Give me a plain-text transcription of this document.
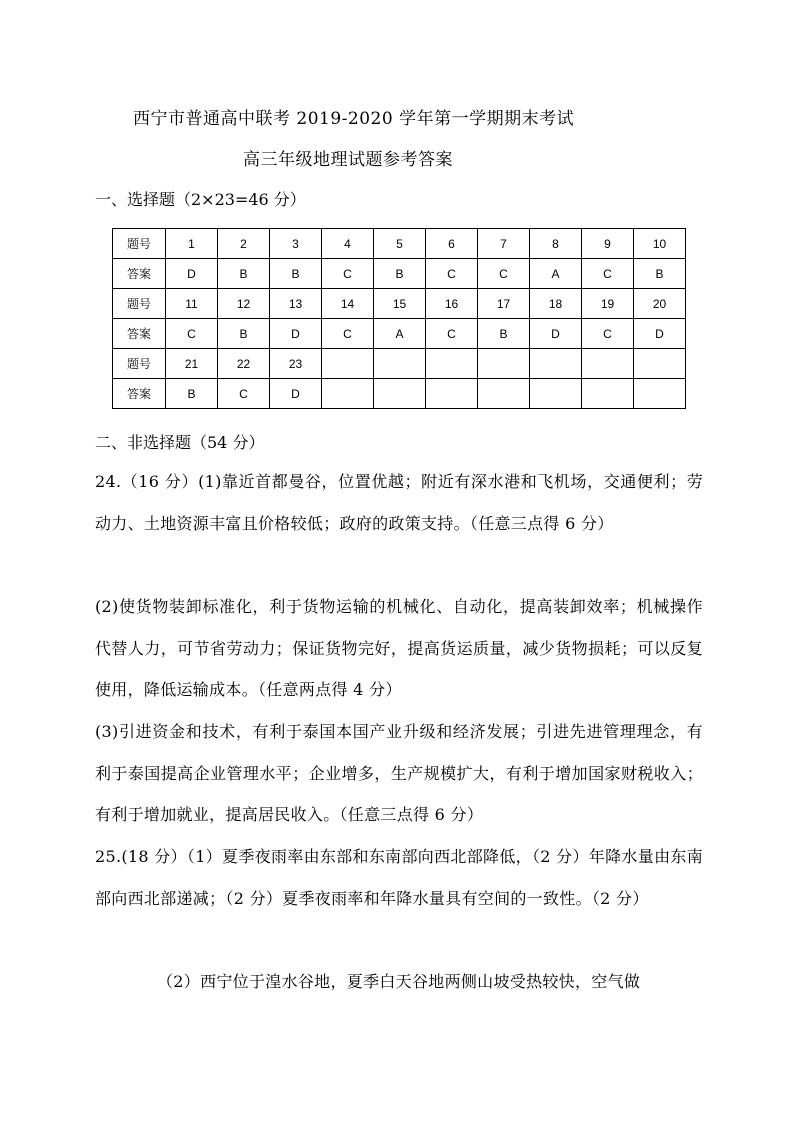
西宁市普通高中联考 2019-2020 学年第一学期期末考试
高三年级地理试题参考答案
一、选择题（2×23=46 分）
题号	1	2	3	4	5	6	7	8	9	10
答案	D	B	B	C	B	C	C	A	C	B
题号	11	12	13	14	15	16	17	18	19	20
答案	C	B	D	C	A	C	B	D	C	D
题号	21	22	23							
答案	B	C	D							
二、非选择题（54 分）
24.（16 分）(1)靠近首都曼谷，位置优越；附近有深水港和飞机场，交通便利；劳动力、土地资源丰富且价格较低；政府的政策支持。（任意三点得 6 分）
(2)使货物装卸标准化，利于货物运输的机械化、自动化，提高装卸效率；机械操作代替人力，可节省劳动力；保证货物完好，提高货运质量，减少货物损耗；可以反复使用，降低运输成本。（任意两点得 4 分）
(3)引进资金和技术，有利于泰国本国产业升级和经济发展；引进先进管理理念，有利于泰国提高企业管理水平；企业增多，生产规模扩大，有利于增加国家财税收入；有利于增加就业，提高居民收入。（任意三点得 6 分）
25.(18 分）（1）夏季夜雨率由东部和东南部向西北部降低，（2 分）年降水量由东南部向西北部递减；（2 分）夏季夜雨率和年降水量具有空间的一致性。（2 分）
（2）西宁位于湟水谷地，夏季白天谷地两侧山坡受热较快，空气做
